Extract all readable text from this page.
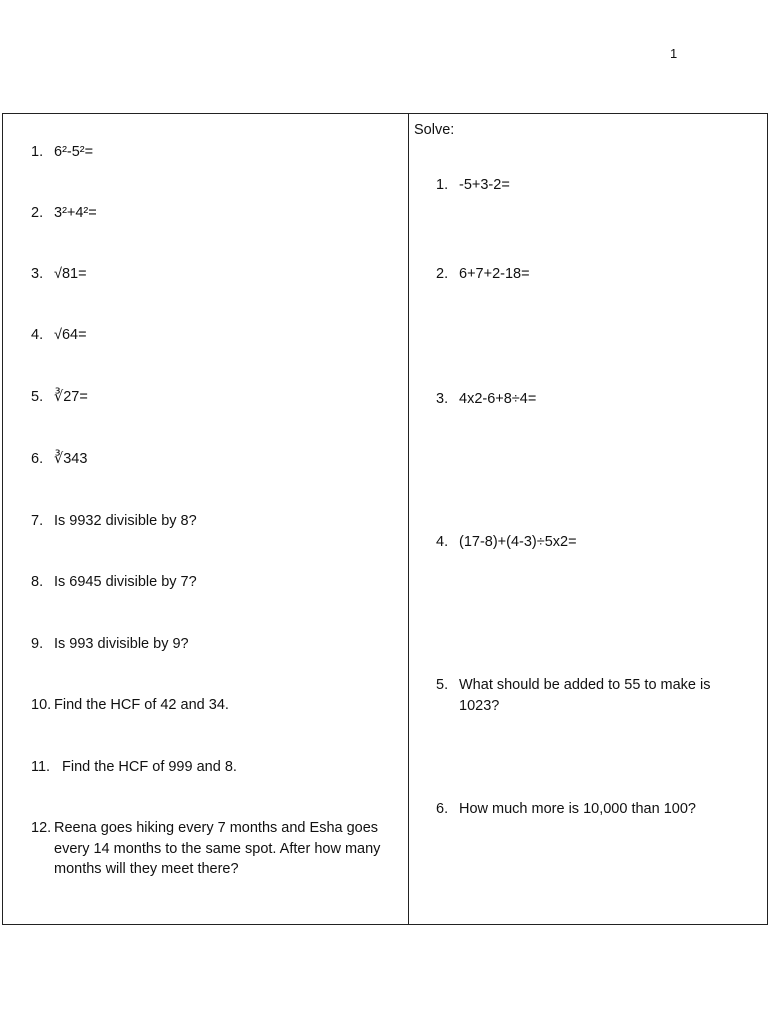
1
1. 6²-5²=
2. 3²+4²=
3. √81=
4. √64=
5. ∛27=
6. ∛343
7. Is 9932 divisible by 8?
8. Is 6945 divisible by 7?
9. Is 993 divisible by 9?
10. Find the HCF of 42 and 34.
11. Find the HCF of 999 and 8.
12. Reena goes hiking every 7 months and Esha goes every 14 months to the same spot. After how many months will they meet there?
Solve:
1. -5+3-2=
2. 6+7+2-18=
3. 4x2-6+8÷4=
4. (17-8)+(4-3)÷5x2=
5. What should be added to 55 to make is 1023?
6. How much more is 10,000 than 100?
